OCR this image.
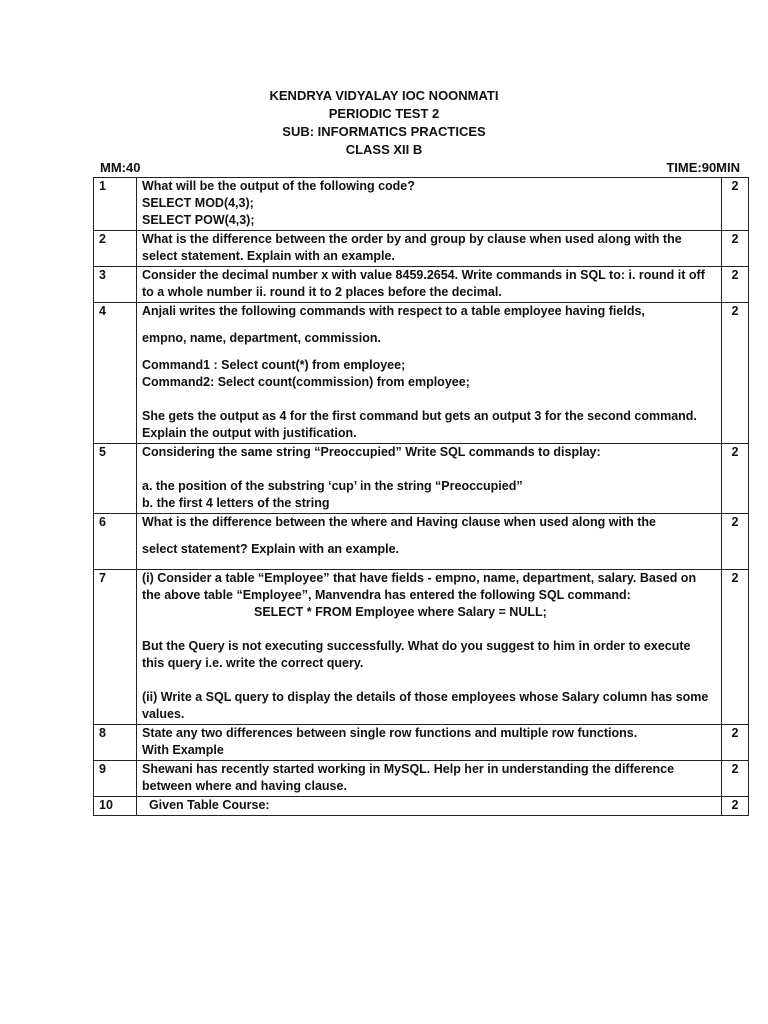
KENDRYA VIDYALAY IOC NOONMATI
PERIODIC TEST 2
SUB: INFORMATICS PRACTICES
CLASS XII B
MM:40	TIME:90MIN
1	What will be the output of the following code?
SELECT MOD(4,3);
SELECT POW(4,3);	2
2	What is the difference between the order by and group by clause when used along with the select statement. Explain with an example.	2
3	Consider the decimal number x with value 8459.2654. Write commands in SQL to: i. round it off to a whole number ii. round it to 2 places before the decimal.	2
4	Anjali writes the following commands with respect to a table employee having fields,
empno, name, department, commission.
Command1 : Select count(*) from employee;
Command2: Select count(commission) from employee;
She gets the output as 4 for the first command but gets an output 3 for the second command. Explain the output with justification.	2
5	Considering the same string “Preoccupied” Write SQL commands to display:
a. the position of the substring ‘cup’ in the string “Preoccupied”
b. the first 4 letters of the string	2
6	What is the difference between the where and Having clause when used along with the
select statement? Explain with an example.	2
7	(i) Consider a table “Employee” that have fields - empno, name, department, salary. Based on the above table “Employee”, Manvendra has entered the following SQL command:
SELECT * FROM Employee where Salary = NULL;
But the Query is not executing successfully. What do you suggest to him in order to execute this query i.e. write the correct query.
(ii) Write a SQL query to display the details of those employees whose Salary column has some values.	2
8	State any two differences between single row functions and multiple row functions.
With Example	2
9	Shewani has recently started working in MySQL. Help her in understanding the difference between where and having clause.	2
10	Given Table Course:	2
